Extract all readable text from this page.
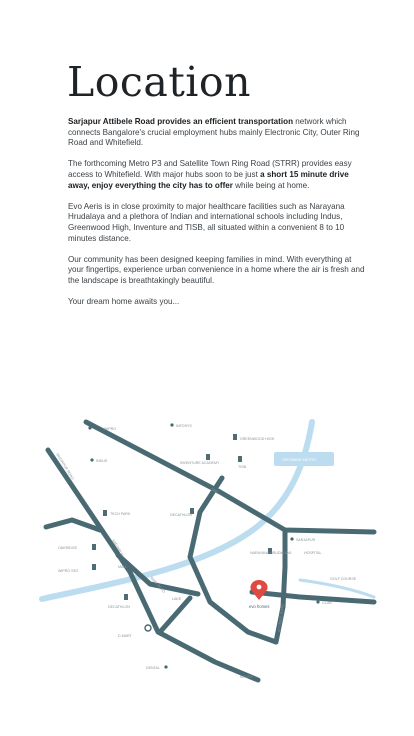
Location

Sarjapur Attibele Road provides an efficient transportation network which connects Bangalore's crucial employment hubs mainly Electronic City, Outer Ring Road and Whitefield.

The forthcoming Metro P3 and Satellite Town Ring Road (STRR) provides easy access to Whitefield. With major hubs soon to be just a short 15 minute drive away, enjoy everything the city has to offer while being at home.

Evo Aeris is in close proximity to major healthcare facilities such as Narayana Hrudalaya and a plethora of Indian and international schools including Indus, Greenwood High, Inventure and TISB, all situated within a convenient 8 to 10 minutes distance.

Our community has been designed keeping families in mind. With everything at your fingertips, experience urban convenience in a home where the air is fresh and the landscape is breathtakingly beautiful.

Your dream home awaits you...

WIPRO
INFOSYS
GREENWOOD HIGH
INDUS	INVENTURE ACADEMY
TISB
UPCOMING METRO
TECH PARK	DECATHLON
SARJAPUR
OAKRIDGE
NARAYANA HRUDALAYA	HOSPITAL
WIPRO SEZ
MALL
GOLF COURSE
DECATHLON
LAKE
CLUB
D MART
DENTAL
SOUTH
SARJAPUR ROAD
ORR
ATTIBELE ROAD
SARJAPUR
RING ROAD
evo homes
